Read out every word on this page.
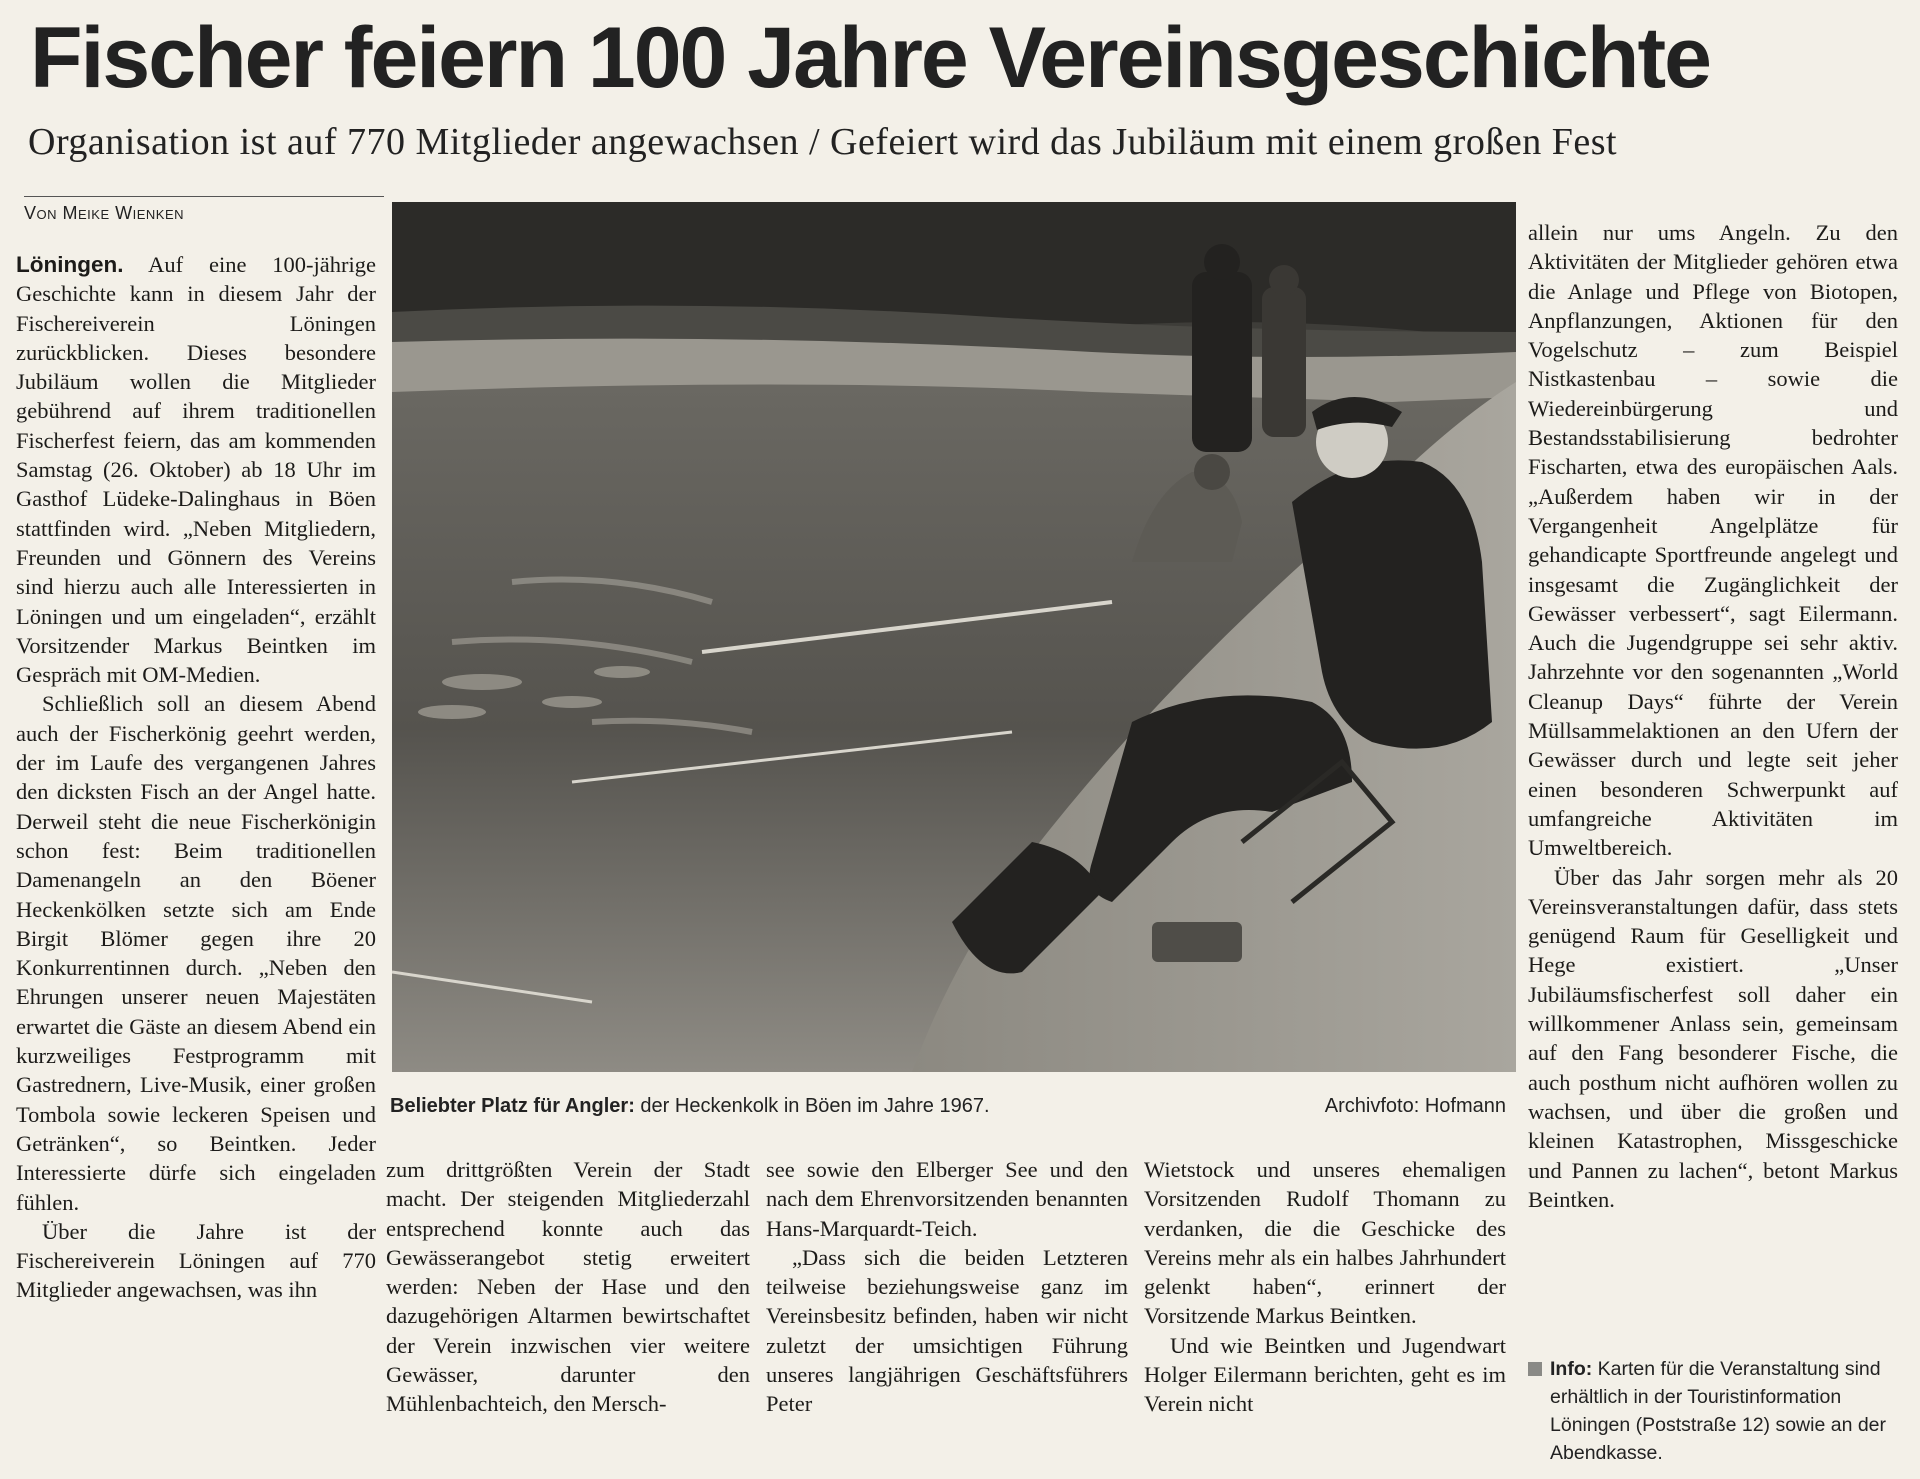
Fischer feiern 100 Jahre Vereinsgeschichte
Organisation ist auf 770 Mitglieder angewachsen / Gefeiert wird das Jubiläum mit einem großen Fest
Von Meike Wienken

Löningen. Auf eine 100-jährige Geschichte kann in diesem Jahr der Fischereiverein Löningen zurückblicken. Dieses besondere Jubiläum wollen die Mitglieder gebührend auf ihrem traditionellen Fischerfest feiern, das am kommenden Samstag (26. Oktober) ab 18 Uhr im Gasthof Lüdeke-Dalinghaus in Böen stattfinden wird. „Neben Mitgliedern, Freunden und Gönnern des Vereins sind hierzu auch alle Interessierten in Löningen und um eingeladen“, erzählt Vorsitzender Markus Beintken im Gespräch mit OM-Medien.

Schließlich soll an diesem Abend auch der Fischerkönig geehrt werden, der im Laufe des vergangenen Jahres den dicksten Fisch an der Angel hatte. Derweil steht die neue Fischerkönigin schon fest: Beim traditionellen Damenangeln an den Böener Heckenkölken setzte sich am Ende Birgit Blömer gegen ihre 20 Konkurrentinnen durch. „Neben den Ehrungen unserer neuen Majestäten erwartet die Gäste an diesem Abend ein kurzweiliges Festprogramm mit Gastrednern, Live-Musik, einer großen Tombola sowie leckeren Speisen und Getränken“, so Beintken. Jeder Interessierte dürfe sich eingeladen fühlen.

Über die Jahre ist der Fischereiverein Löningen auf 770 Mitglieder angewachsen, was ihn

Beliebter Platz für Angler: der Heckenkolk in Böen im Jahre 1967.	Archivfoto: Hofmann

zum drittgrößten Verein der Stadt macht. Der steigenden Mitgliederzahl entsprechend konnte auch das Gewässerangebot stetig erweitert werden: Neben der Hase und den dazugehörigen Altarmen bewirtschaftet der Verein inzwischen vier weitere Gewässer, darunter den Mühlenbachteich, den Mersch-

see sowie den Elberger See und den nach dem Ehrenvorsitzenden benannten Hans-Marquardt-Teich.

„Dass sich die beiden Letzteren teilweise beziehungsweise ganz im Vereinsbesitz befinden, haben wir nicht zuletzt der umsichtigen Führung unseres langjährigen Geschäftsführers Peter

Wietstock und unseres ehemaligen Vorsitzenden Rudolf Thomann zu verdanken, die die Geschicke des Vereins mehr als ein halbes Jahrhundert gelenkt haben“, erinnert der Vorsitzende Markus Beintken.

Und wie Beintken und Jugendwart Holger Eilermann berichten, geht es im Verein nicht

allein nur ums Angeln. Zu den Aktivitäten der Mitglieder gehören etwa die Anlage und Pflege von Biotopen, Anpflanzungen, Aktionen für den Vogelschutz – zum Beispiel Nistkastenbau – sowie die Wiedereinbürgerung und Bestandsstabilisierung bedrohter Fischarten, etwa des europäischen Aals. „Außerdem haben wir in der Vergangenheit Angelplätze für gehandicapte Sportfreunde angelegt und insgesamt die Zugänglichkeit der Gewässer verbessert“, sagt Eilermann. Auch die Jugendgruppe sei sehr aktiv. Jahrzehnte vor den sogenannten „World Cleanup Days“ führte der Verein Müllsammelaktionen an den Ufern der Gewässer durch und legte seit jeher einen besonderen Schwerpunkt auf umfangreiche Aktivitäten im Umweltbereich.

Über das Jahr sorgen mehr als 20 Vereinsveranstaltungen dafür, dass stets genügend Raum für Geselligkeit und Hege existiert. „Unser Jubiläumsfischerfest soll daher ein willkommener Anlass sein, gemeinsam auf den Fang besonderer Fische, die auch posthum nicht aufhören wollen zu wachsen, und über die großen und kleinen Katastrophen, Missgeschicke und Pannen zu lachen“, betont Markus Beintken.

Info: Karten für die Veranstaltung sind erhältlich in der Touristinformation Löningen (Poststraße 12) sowie an der Abendkasse.
